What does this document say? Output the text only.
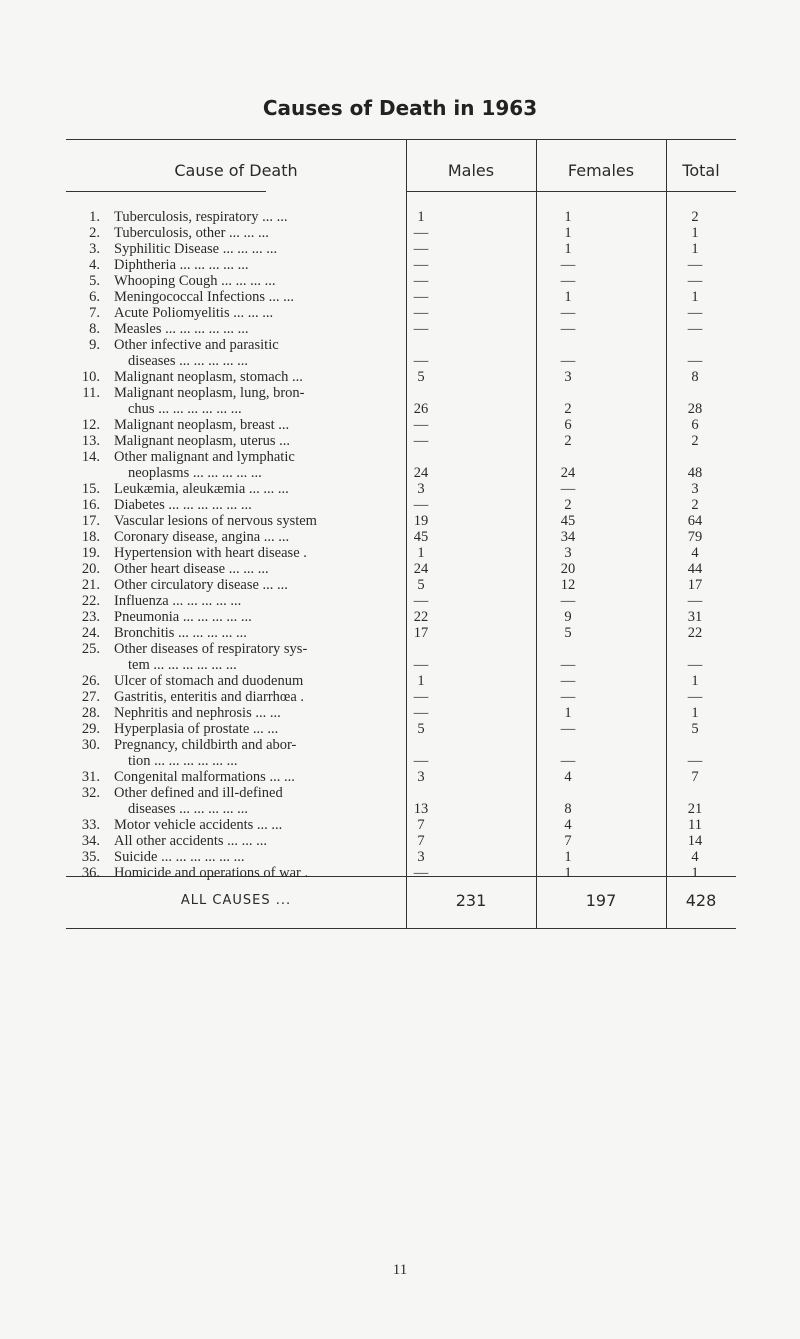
Causes of Death in 1963
Cause of Death	Males	Females	Total
1. Tuberculosis, respiratory ... ...	1	1	2
2. Tuberculosis, other ... ... ...	—	1	1
3. Syphilitic Disease ... ... ... ...	—	1	1
4. Diphtheria ... ... ... ... ...	—	—	—
5. Whooping Cough ... ... ... ...	—	—	—
6. Meningococcal Infections ... ...	—	1	1
7. Acute Poliomyelitis ... ... ...	—	—	—
8. Measles ... ... ... ... ... ...	—	—	—
9. Other infective and parasitic
diseases ... ... ... ... ...	—	—	—
10. Malignant neoplasm, stomach ...	5	3	8
11. Malignant neoplasm, lung, bron-
chus ... ... ... ... ... ...	26	2	28
12. Malignant neoplasm, breast ...	—	6	6
13. Malignant neoplasm, uterus ...	—	2	2
14. Other malignant and lymphatic
neoplasms ... ... ... ... ...	24	24	48
15. Leukæmia, aleukæmia ... ... ...	3	—	3
16. Diabetes ... ... ... ... ... ...	—	2	2
17. Vascular lesions of nervous system	19	45	64
18. Coronary disease, angina ... ...	45	34	79
19. Hypertension with heart disease .	1	3	4
20. Other heart disease ... ... ...	24	20	44
21. Other circulatory disease ... ...	5	12	17
22. Influenza ... ... ... ... ...	—	—	—
23. Pneumonia ... ... ... ... ...	22	9	31
24. Bronchitis ... ... ... ... ...	17	5	22
25. Other diseases of respiratory sys-
tem ... ... ... ... ... ...	—	—	—
26. Ulcer of stomach and duodenum	1	—	1
27. Gastritis, enteritis and diarrhœa .	—	—	—
28. Nephritis and nephrosis ... ...	—	1	1
29. Hyperplasia of prostate ... ...	5	—	5
30. Pregnancy, childbirth and abor-
tion ... ... ... ... ... ...	—	—	—
31. Congenital malformations ... ...	3	4	7
32. Other defined and ill-defined
diseases ... ... ... ... ...	13	8	21
33. Motor vehicle accidents ... ...	7	4	11
34. All other accidents ... ... ...	7	7	14
35. Suicide ... ... ... ... ... ...	3	1	4
36. Homicide and operations of war .	—	1	1
ALL CAUSES ...	231	197	428
11
